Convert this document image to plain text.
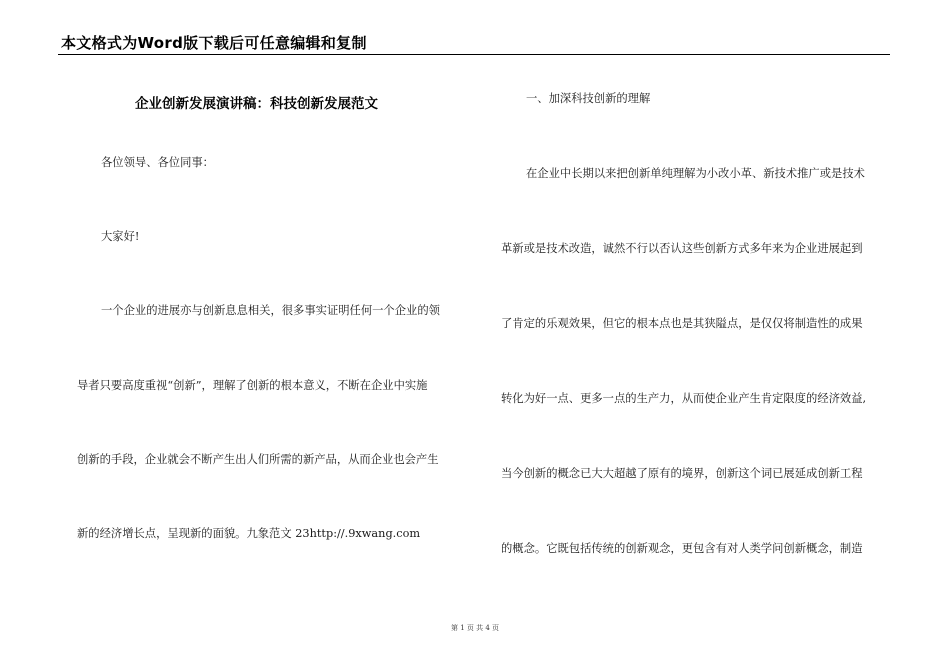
本文格式为Word版下载后可任意编辑和复制
企业创新发展演讲稿：科技创新发展范文
各位领导、各位同事：
大家好!
一个企业的进展亦与创新息息相关，很多事实证明任何一个企业的领
导者只要高度重视“创新”，理解了创新的根本意义，不断在企业中实施
创新的手段，企业就会不断产生出人们所需的新产品，从而企业也会产生
新的经济增长点，呈现新的面貌。九象范文 23http://.9xwang.com
一、加深科技创新的理解
在企业中长期以来把创新单纯理解为小改小革、新技术推广或是技术
革新或是技术改造，诚然不行以否认这些创新方式多年来为企业进展起到
了肯定的乐观效果，但它的根本点也是其狭隘点，是仅仅将制造性的成果
转化为好一点、更多一点的生产力，从而使企业产生肯定限度的经济效益,
当今创新的概念已大大超越了原有的境界，创新这个词已展延成创新工程
的概念。它既包括传统的创新观念，更包含有对人类学问创新概念，制造
第 1 页 共 4 页
